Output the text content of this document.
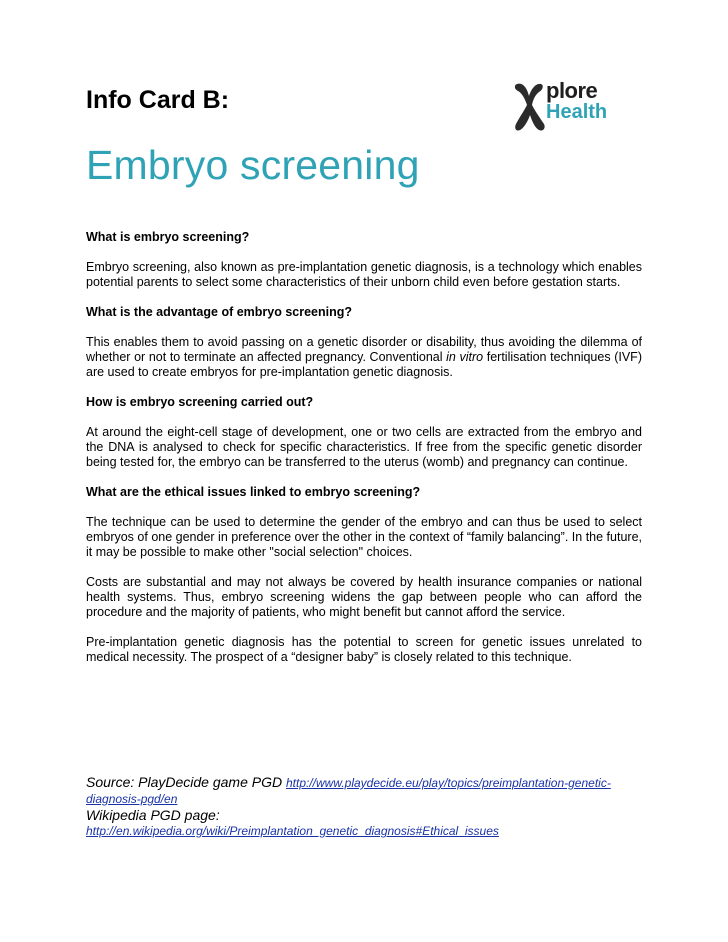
Info Card B:	plore
Health
Embryo screening
What is embryo screening?

Embryo screening, also known as pre-implantation genetic diagnosis, is a technology which enables potential parents to select some characteristics of their unborn child even before gestation starts.

What is the advantage of embryo screening?

This enables them to avoid passing on a genetic disorder or disability, thus avoiding the dilemma of whether or not to terminate an affected pregnancy. Conventional in vitro fertilisation techniques (IVF) are used to create embryos for pre-implantation genetic diagnosis.

How is embryo screening carried out?

At around the eight-cell stage of development, one or two cells are extracted from the embryo and the DNA is analysed to check for specific characteristics. If free from the specific genetic disorder being tested for, the embryo can be transferred to the uterus (womb) and pregnancy can continue.

What are the ethical issues linked to embryo screening?

The technique can be used to determine the gender of the embryo and can thus be used to select embryos of one gender in preference over the other in the context of “family balancing”. In the future, it may be possible to make other "social selection" choices.

Costs are substantial and may not always be covered by health insurance companies or national health systems. Thus, embryo screening widens the gap between people who can afford the procedure and the majority of patients, who might benefit but cannot afford the service.

Pre-implantation genetic diagnosis has the potential to screen for genetic issues unrelated to medical necessity. The prospect of a “designer baby” is closely related to this technique.

Source: PlayDecide game PGD http://www.playdecide.eu/play/topics/preimplantation-genetic-diagnosis-pgd/en
Wikipedia PGD page:
http://en.wikipedia.org/wiki/Preimplantation_genetic_diagnosis#Ethical_issues
